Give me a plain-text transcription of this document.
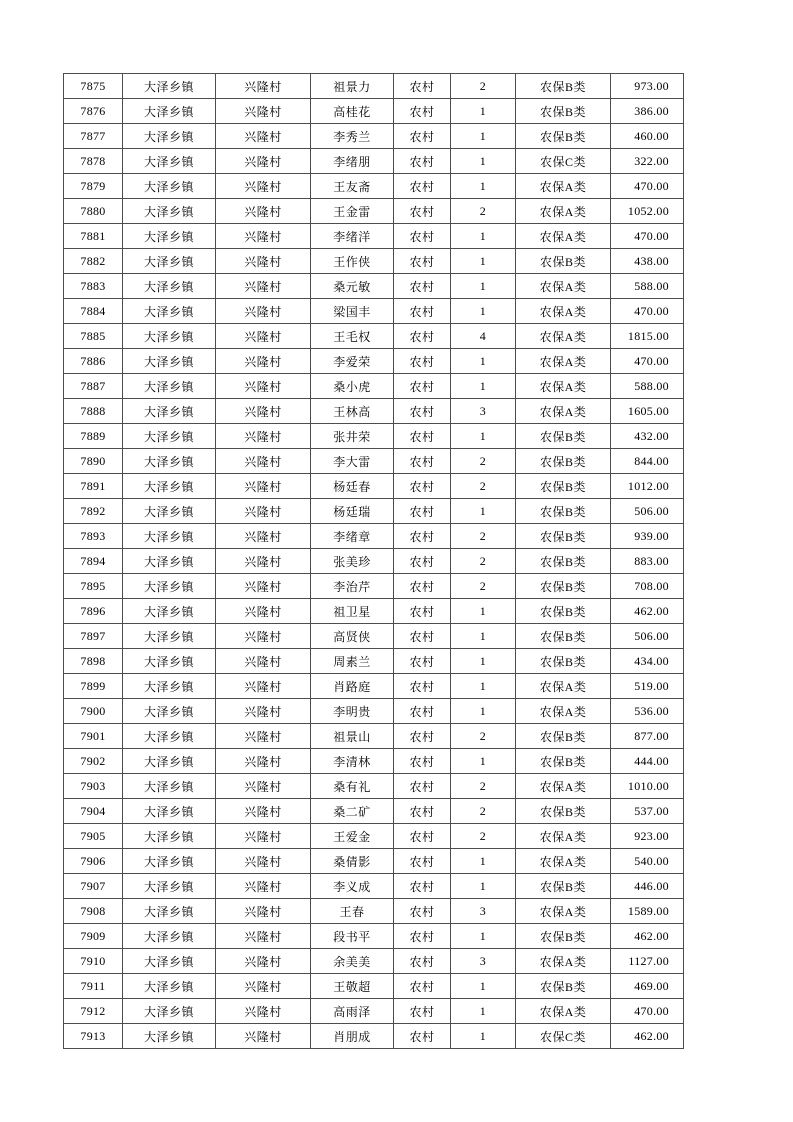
7875	大泽乡镇	兴隆村	祖景力	农村	2	农保B类	973.00
7876	大泽乡镇	兴隆村	高桂花	农村	1	农保B类	386.00
7877	大泽乡镇	兴隆村	李秀兰	农村	1	农保B类	460.00
7878	大泽乡镇	兴隆村	李绪朋	农村	1	农保C类	322.00
7879	大泽乡镇	兴隆村	王友斋	农村	1	农保A类	470.00
7880	大泽乡镇	兴隆村	王金雷	农村	2	农保A类	1052.00
7881	大泽乡镇	兴隆村	李绪洋	农村	1	农保A类	470.00
7882	大泽乡镇	兴隆村	王作侠	农村	1	农保B类	438.00
7883	大泽乡镇	兴隆村	桑元敏	农村	1	农保A类	588.00
7884	大泽乡镇	兴隆村	梁国丰	农村	1	农保A类	470.00
7885	大泽乡镇	兴隆村	王毛权	农村	4	农保A类	1815.00
7886	大泽乡镇	兴隆村	李爱荣	农村	1	农保A类	470.00
7887	大泽乡镇	兴隆村	桑小虎	农村	1	农保A类	588.00
7888	大泽乡镇	兴隆村	王林高	农村	3	农保A类	1605.00
7889	大泽乡镇	兴隆村	张井荣	农村	1	农保B类	432.00
7890	大泽乡镇	兴隆村	李大雷	农村	2	农保B类	844.00
7891	大泽乡镇	兴隆村	杨廷春	农村	2	农保B类	1012.00
7892	大泽乡镇	兴隆村	杨廷瑞	农村	1	农保B类	506.00
7893	大泽乡镇	兴隆村	李绪章	农村	2	农保B类	939.00
7894	大泽乡镇	兴隆村	张美珍	农村	2	农保B类	883.00
7895	大泽乡镇	兴隆村	李治芹	农村	2	农保B类	708.00
7896	大泽乡镇	兴隆村	祖卫星	农村	1	农保B类	462.00
7897	大泽乡镇	兴隆村	高贤侠	农村	1	农保B类	506.00
7898	大泽乡镇	兴隆村	周素兰	农村	1	农保B类	434.00
7899	大泽乡镇	兴隆村	肖路庭	农村	1	农保A类	519.00
7900	大泽乡镇	兴隆村	李明贵	农村	1	农保A类	536.00
7901	大泽乡镇	兴隆村	祖景山	农村	2	农保B类	877.00
7902	大泽乡镇	兴隆村	李清林	农村	1	农保B类	444.00
7903	大泽乡镇	兴隆村	桑有礼	农村	2	农保A类	1010.00
7904	大泽乡镇	兴隆村	桑二矿	农村	2	农保B类	537.00
7905	大泽乡镇	兴隆村	王爱金	农村	2	农保A类	923.00
7906	大泽乡镇	兴隆村	桑倩影	农村	1	农保A类	540.00
7907	大泽乡镇	兴隆村	李义成	农村	1	农保B类	446.00
7908	大泽乡镇	兴隆村	王春	农村	3	农保A类	1589.00
7909	大泽乡镇	兴隆村	段书平	农村	1	农保B类	462.00
7910	大泽乡镇	兴隆村	余美美	农村	3	农保A类	1127.00
7911	大泽乡镇	兴隆村	王敬超	农村	1	农保B类	469.00
7912	大泽乡镇	兴隆村	高雨泽	农村	1	农保A类	470.00
7913	大泽乡镇	兴隆村	肖朋成	农村	1	农保C类	462.00
